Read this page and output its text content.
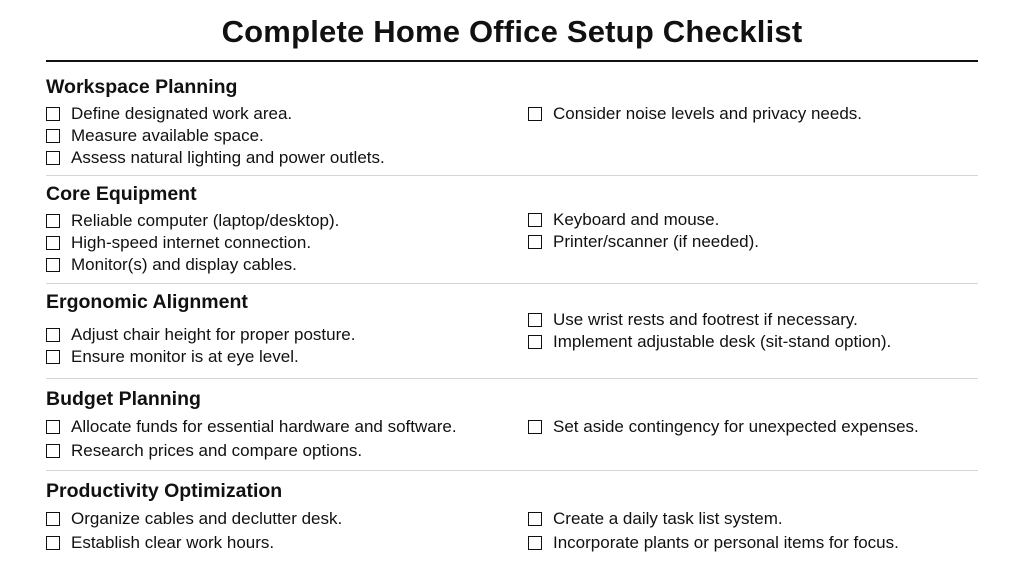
Complete Home Office Setup Checklist
Workspace Planning
Define designated work area.
Measure available space.
Assess natural lighting and power outlets.
Consider noise levels and privacy needs.
Core Equipment
Reliable computer (laptop/desktop).
High-speed internet connection.
Monitor(s) and display cables.
Keyboard and mouse.
Printer/scanner (if needed).
Ergonomic Alignment
Adjust chair height for proper posture.
Ensure monitor is at eye level.
Use wrist rests and footrest if necessary.
Implement adjustable desk (sit-stand option).
Budget Planning
Allocate funds for essential hardware and software.
Research prices and compare options.
Set aside contingency for unexpected expenses.
Productivity Optimization
Organize cables and declutter desk.
Establish clear work hours.
Create a daily task list system.
Incorporate plants or personal items for focus.
